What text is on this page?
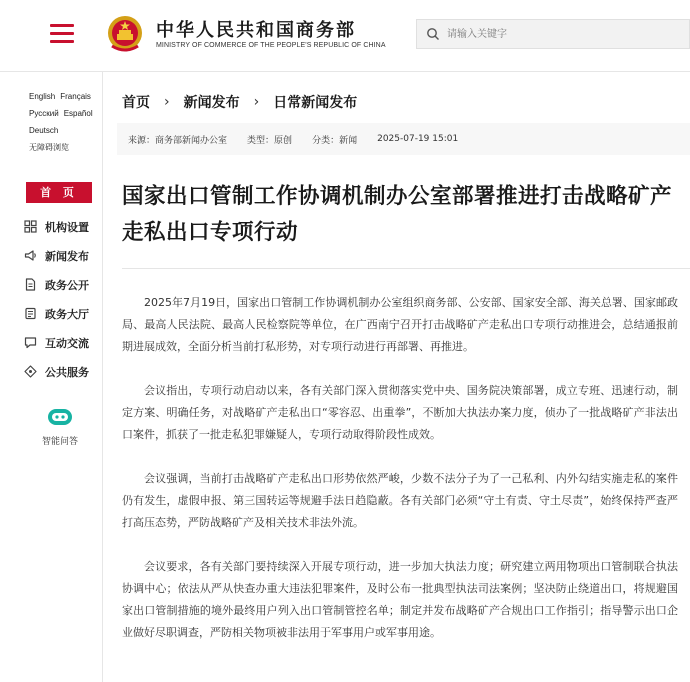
中华人民共和国商务部
MINISTRY OF COMMERCE OF THE PEOPLE'S REPUBLIC OF CHINA
请输入关键字
English Français
Русский Español
Deutsch
无障碍浏览
首 页
机构设置
新闻发布
政务公开
政务大厅
互动交流
公共服务
智能问答
首页 › 新闻发布 › 日常新闻发布
来源： 商务部新闻办公室 类型： 原创 分类： 新闻 2025-07-19 15:01
国家出口管制工作协调机制办公室部署推进打击战略矿产走私出口专项行动

2025年7月19日，国家出口管制工作协调机制办公室组织商务部、公安部、国家安全部、海关总署、国家邮政局、最高人民法院、最高人民检察院等单位，在广西南宁召开打击战略矿产走私出口专项行动推进会，总结通报前期进展成效，全面分析当前打私形势，对专项行动进行再部署、再推进。

会议指出，专项行动启动以来，各有关部门深入贯彻落实党中央、国务院决策部署，成立专班、迅速行动，制定方案、明确任务，对战略矿产走私出口“零容忍、出重拳”，不断加大执法办案力度，侦办了一批战略矿产非法出口案件，抓获了一批走私犯罪嫌疑人，专项行动取得阶段性成效。

会议强调，当前打击战略矿产走私出口形势依然严峻，少数不法分子为了一己私利、内外勾结实施走私的案件仍有发生，虚假申报、第三国转运等规避手法日趋隐蔽。各有关部门必须“守土有责、守土尽责”，始终保持严查严打高压态势，严防战略矿产及相关技术非法外流。

会议要求，各有关部门要持续深入开展专项行动，进一步加大执法力度；研究建立两用物项出口管制联合执法协调中心；依法从严从快查办重大违法犯罪案件，及时公布一批典型执法司法案例；坚决防止绕道出口，将规避国家出口管制措施的境外最终用户列入出口管制管控名单；制定并发布战略矿产合规出口工作指引；指导警示出口企业做好尽职调查，严防相关物项被非法用于军事用户或军事用途。
